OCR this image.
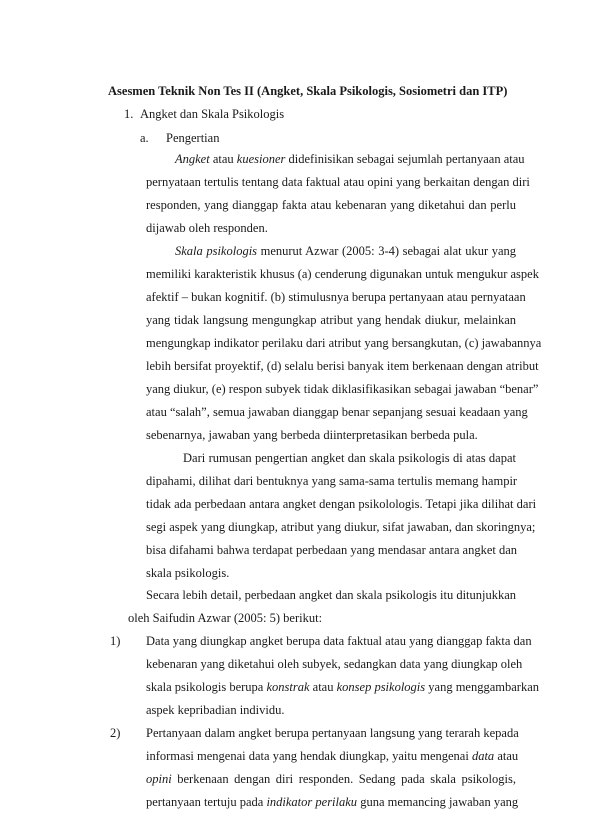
Asesmen Teknik Non Tes II (Angket, Skala Psikologis, Sosiometri dan ITP)
1. Angket dan Skala Psikologis
a. Pengertian
Angket atau kuesioner didefinisikan sebagai sejumlah pertanyaan atau
pernyataan tertulis tentang data faktual atau opini yang berkaitan dengan diri
responden, yang dianggap fakta atau kebenaran yang diketahui dan perlu
dijawab oleh responden.
Skala psikologis menurut Azwar (2005: 3-4) sebagai alat ukur yang
memiliki karakteristik khusus (a) cenderung digunakan untuk mengukur aspek
afektif – bukan kognitif. (b) stimulusnya berupa pertanyaan atau pernyataan
yang tidak langsung mengungkap atribut yang hendak diukur, melainkan
mengungkap indikator perilaku dari atribut yang bersangkutan, (c) jawabannya
lebih bersifat proyektif, (d) selalu berisi banyak item berkenaan dengan atribut
yang diukur, (e) respon subyek tidak diklasifikasikan sebagai jawaban “benar”
atau “salah”, semua jawaban dianggap benar sepanjang sesuai keadaan yang
sebenarnya, jawaban yang berbeda diinterpretasikan berbeda pula.
Dari rumusan pengertian angket dan skala psikologis di atas dapat
dipahami, dilihat dari bentuknya yang sama-sama tertulis memang hampir
tidak ada perbedaan antara angket dengan psikolologis. Tetapi jika dilihat dari
segi aspek yang diungkap, atribut yang diukur, sifat jawaban, dan skoringnya;
bisa difahami bahwa terdapat perbedaan yang mendasar antara angket dan
skala psikologis.
Secara lebih detail, perbedaan angket dan skala psikologis itu ditunjukkan
oleh Saifudin Azwar (2005: 5) berikut:
1) Data yang diungkap angket berupa data faktual atau yang dianggap fakta dan
kebenaran yang diketahui oleh subyek, sedangkan data yang diungkap oleh
skala psikologis berupa konstrak atau konsep psikologis yang menggambarkan
aspek kepribadian individu.
2) Pertanyaan dalam angket berupa pertanyaan langsung yang terarah kepada
informasi mengenai data yang hendak diungkap, yaitu mengenai data atau
opini berkenaan dengan diri responden. Sedang pada skala psikologis,
pertanyaan tertuju pada indikator perilaku guna memancing jawaban yang
